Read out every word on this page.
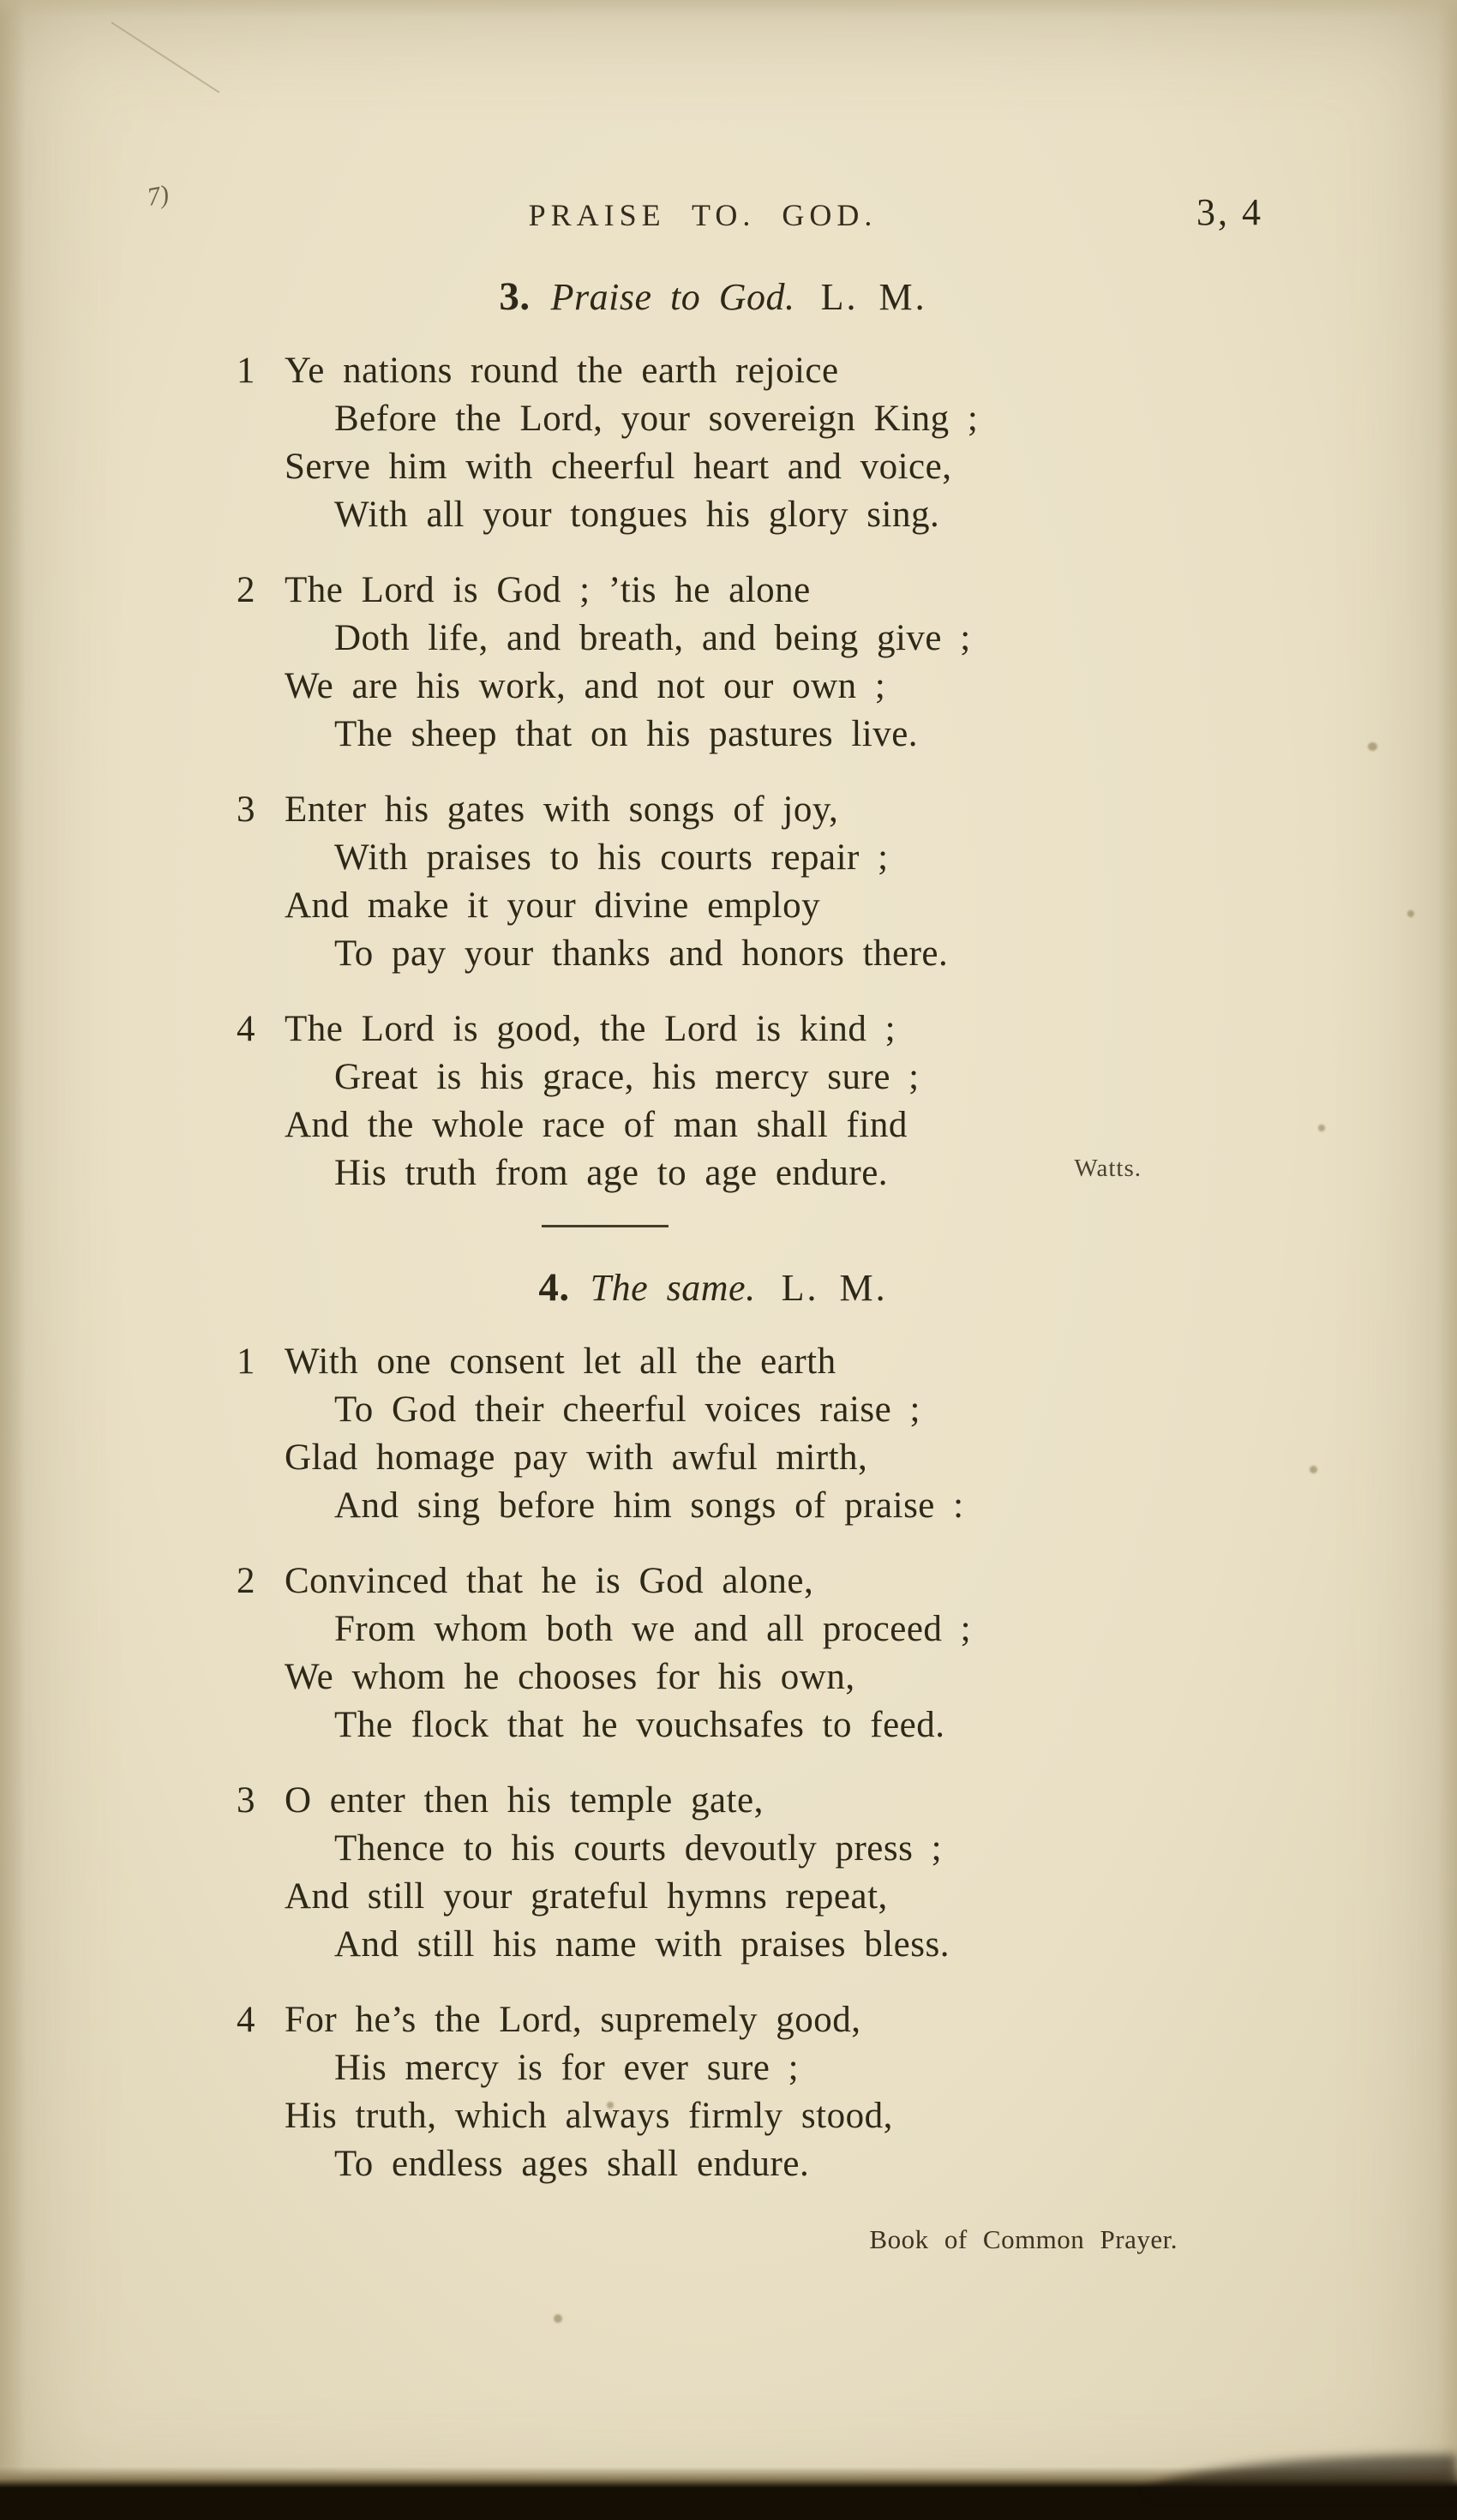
7)
PRAISE TO. GOD.	3, 4
3. Praise to God. L. M.
1 Ye nations round the earth rejoice
Before the Lord, your sovereign King ;
Serve him with cheerful heart and voice,
With all your tongues his glory sing.
2 The Lord is God ; ’tis he alone
Doth life, and breath, and being give ;
We are his work, and not our own ;
The sheep that on his pastures live.
3 Enter his gates with songs of joy,
With praises to his courts repair ;
And make it your divine employ
To pay your thanks and honors there.
4 The Lord is good, the Lord is kind ;
Great is his grace, his mercy sure ;
And the whole race of man shall find
His truth from age to age endure.	Watts.
4. The same. L. M.
1 With one consent let all the earth
To God their cheerful voices raise ;
Glad homage pay with awful mirth,
And sing before him songs of praise :
2 Convinced that he is God alone,
From whom both we and all proceed ;
We whom he chooses for his own,
The flock that he vouchsafes to feed.
3 O enter then his temple gate,
Thence to his courts devoutly press ;
And still your grateful hymns repeat,
And still his name with praises bless.
4 For he’s the Lord, supremely good,
His mercy is for ever sure ;
His truth, which always firmly stood,
To endless ages shall endure.
Book of Common Prayer.
